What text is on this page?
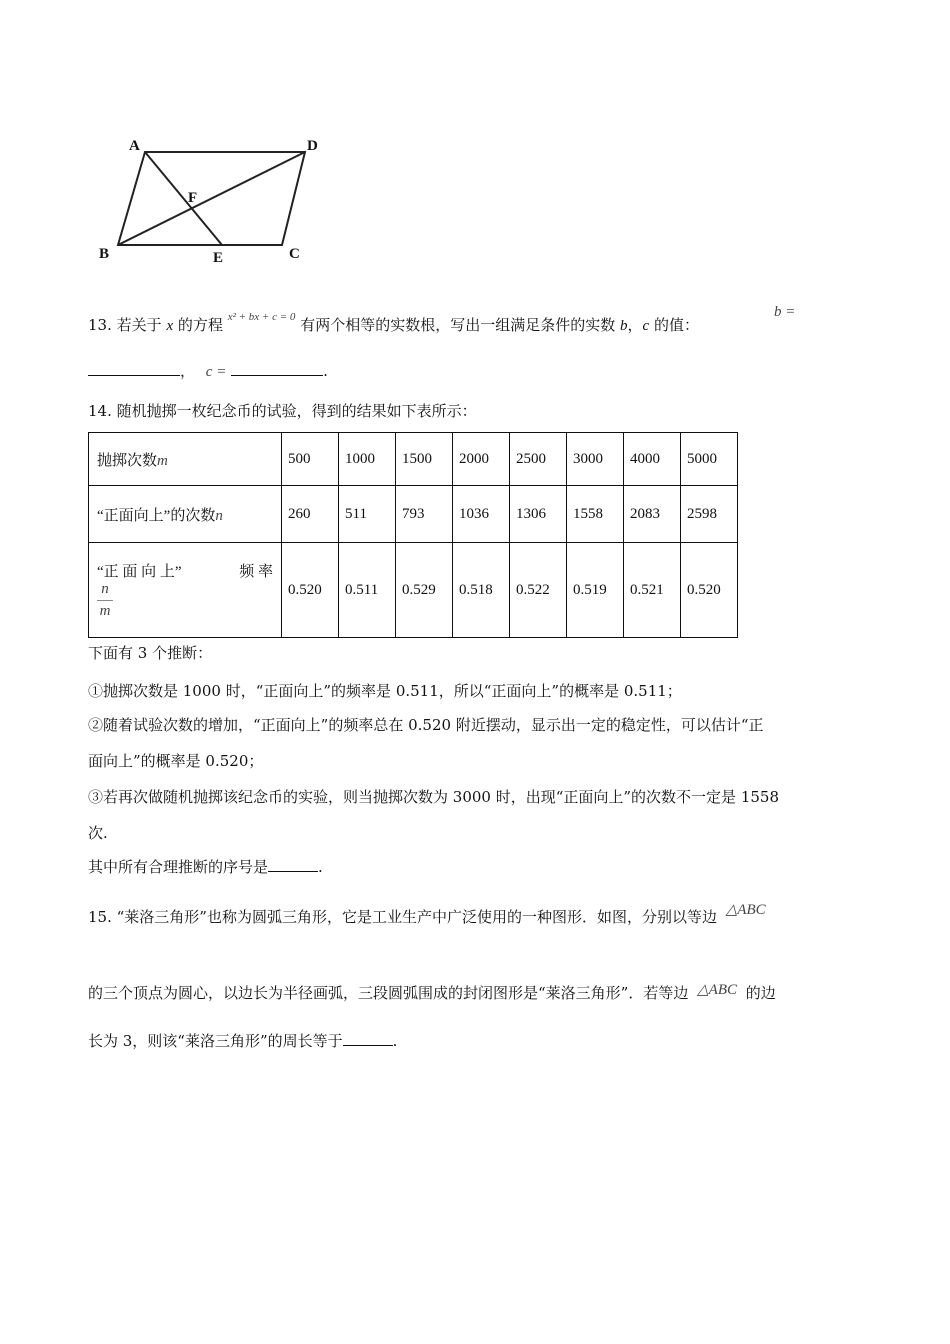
A	D
F
B	E	C
13. 若关于 x 的方程 $^{x^2 + bx + c = 0}$ 有两个相等的实数根，写出一组满足条件的实数 b，c 的值：
b =
， c =	.
14. 随机抛掷一枚纪念币的试验，得到的结果如下表所示：
抛掷次数m	500	1000	1500	2000	2500	3000	4000	5000
“正面向上”的次数n	260	511	793	1036	1306	1558	2083	2598

“正 面 向 上” 频 率
$\frac{n}{m}$	0.520	0.511	0.529	0.518	0.522	0.519	0.521	0.520
下面有 3 个推断：
①抛掷次数是 1000 时，“正面向上”的频率是 0.511，所以“正面向上”的概率是 0.511；
②随着试验次数的增加，“正面向上”的频率总在 0.520 附近摆动，显示出一定的稳定性，可以估计“正
面向上”的概率是 0.520；
③若再次做随机抛掷该纪念币的实验，则当抛掷次数为 3000 时，出现“正面向上”的次数不一定是 1558
次.
其中所有合理推断的序号是	.
15. “莱洛三角形”也称为圆弧三角形，它是工业生产中广泛使用的一种图形．如图，分别以等边 △ABC
的三个顶点为圆心，以边长为半径画弧，三段圆弧围成的封闭图形是“莱洛三角形”．若等边 △ABC 的边
长为 3，则该“莱洛三角形”的周长等于	.
